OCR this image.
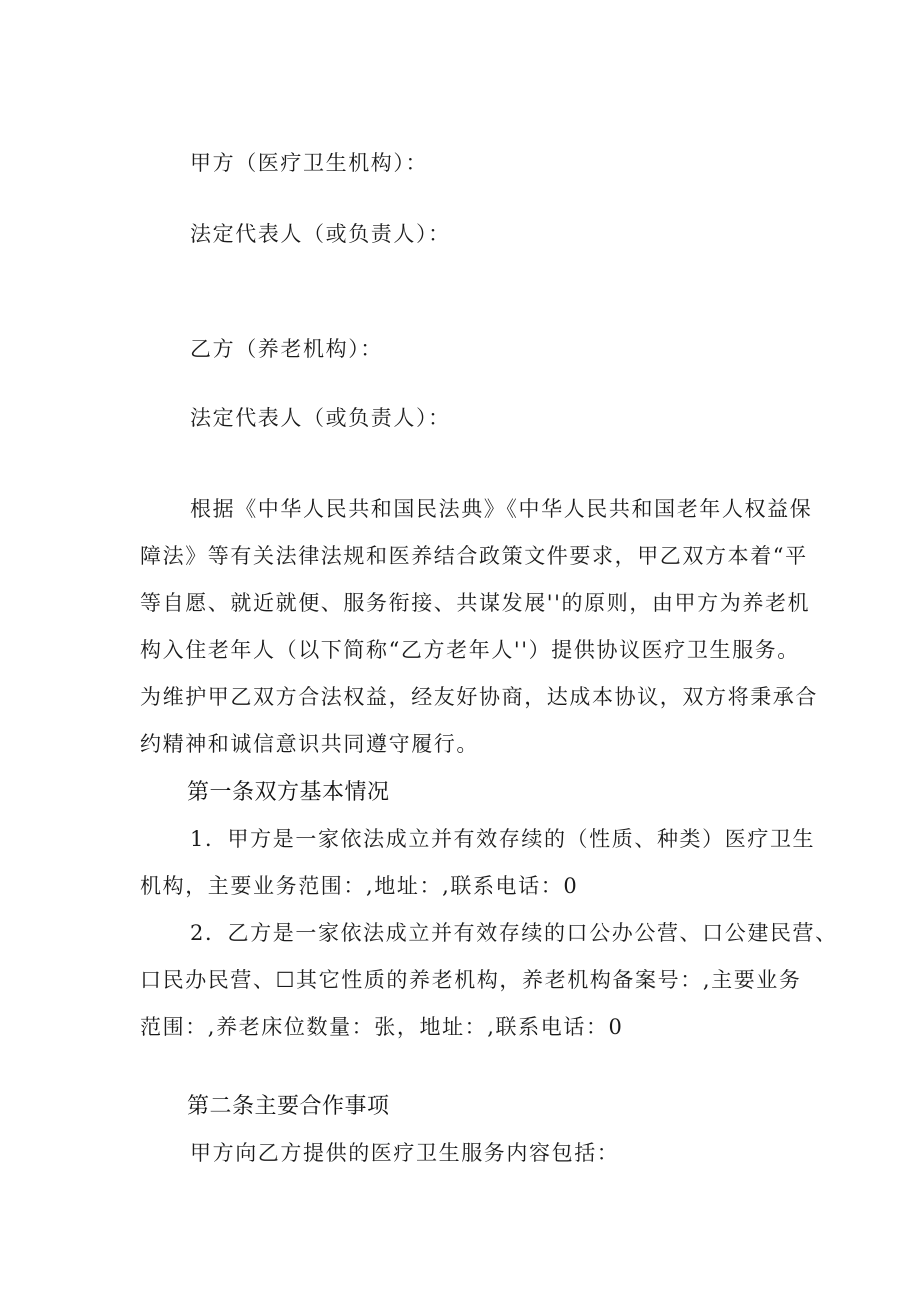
甲方（医疗卫生机构）：
法定代表人（或负责人）：
乙方（养老机构）：
法定代表人（或负责人）：
根据《中华人民共和国民法典》《中华人民共和国老年人权益保
障法》等有关法律法规和医养结合政策文件要求，甲乙双方本着“平
等自愿、就近就便、服务衔接、共谋发展''的原则，由甲方为养老机
构入住老年人（以下简称“乙方老年人''）提供协议医疗卫生服务。
为维护甲乙双方合法权益，经友好协商，达成本协议，双方将秉承合
约精神和诚信意识共同遵守履行。
第一条双方基本情况
1．甲方是一家依法成立并有效存续的（性质、种类）医疗卫生
机构，主要业务范围：,地址：,联系电话：0
2．乙方是一家依法成立并有效存续的口公办公营、口公建民营、
口民办民营、☐其它性质的养老机构，养老机构备案号：,主要业务
范围：,养老床位数量：张，地址：,联系电话：0
第二条主要合作事项
甲方向乙方提供的医疗卫生服务内容包括：
